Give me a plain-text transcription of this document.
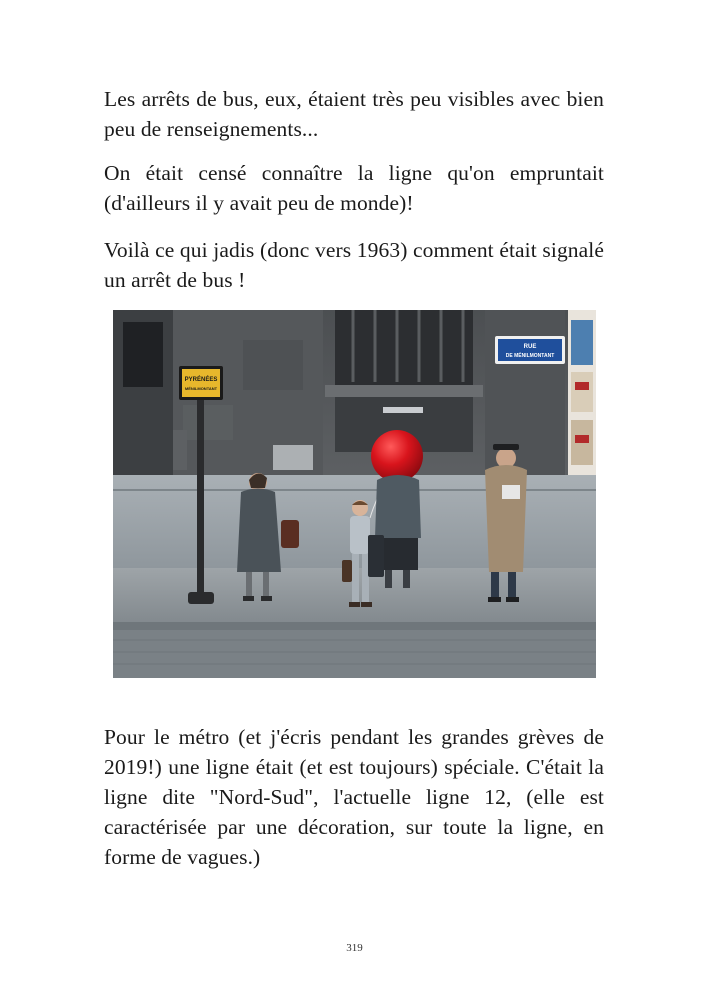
Les arrêts de bus, eux, étaient très peu visibles avec bien peu de renseignements...

On était censé connaître la ligne qu'on empruntait (d'ailleurs il y avait peu de monde)!

Voilà ce qui jadis (donc vers 1963) comment était signalé un arrêt de bus !

RUE
DE MÉNILMONTANT
PYRÉNÉES
MÉNILMONTANT

Pour le métro (et j'écris pendant les grandes grèves de 2019!) une ligne était (et est toujours) spéciale. C'était la ligne dite "Nord-Sud", l'actuelle ligne 12, (elle est caractérisée par une décoration, sur toute la ligne, en forme de vagues.)

319
